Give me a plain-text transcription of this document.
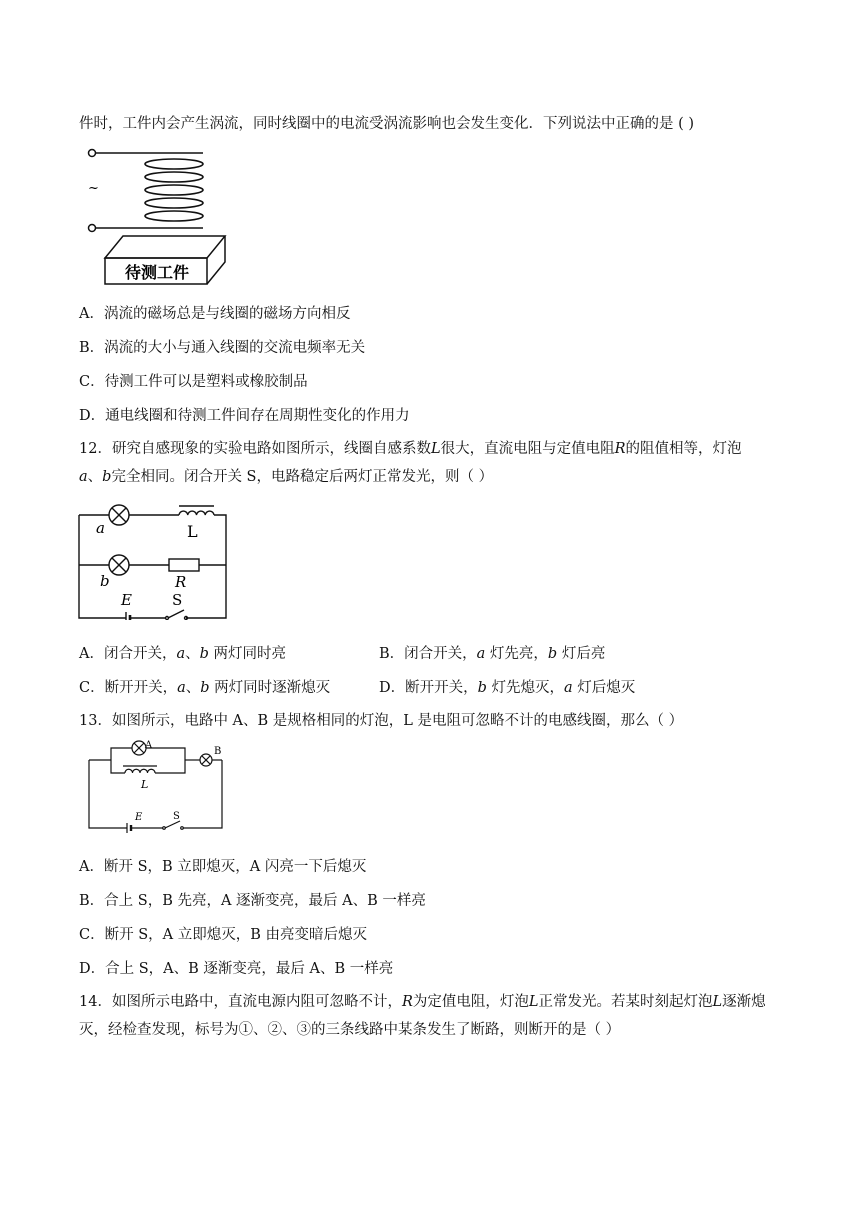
件时，工件内会产生涡流，同时线圈中的电流受涡流影响也会发生变化．下列说法中正确的是 ( )
~
待测工件
A．涡流的磁场总是与线圈的磁场方向相反
B．涡流的大小与通入线圈的交流电频率无关
C．待测工件可以是塑料或橡胶制品
D．通电线圈和待测工件间存在周期性变化的作用力
12．研究自感现象的实验电路如图所示，线圈自感系数L很大，直流电阻与定值电阻R的阻值相等，灯泡
a、b完全相同。闭合开关 S，电路稳定后两灯正常发光，则（ ）
a	L
b	R
E	S
A．闭合开关，a、b 两灯同时亮	B．闭合开关，a 灯先亮，b 灯后亮
C．断开开关，a、b 两灯同时逐渐熄灭	D．断开开关，b 灯先熄灭，a 灯后熄灭
13．如图所示，电路中 A、B 是规格相同的灯泡，L 是电阻可忽略不计的电感线圈，那么（ ）
A
B
L
E	S
A．断开 S，B 立即熄灭，A 闪亮一下后熄灭
B．合上 S，B 先亮，A 逐渐变亮，最后 A、B 一样亮
C．断开 S，A 立即熄灭，B 由亮变暗后熄灭
D．合上 S，A、B 逐渐变亮，最后 A、B 一样亮
14．如图所示电路中，直流电源内阻可忽略不计，R为定值电阻，灯泡L正常发光。若某时刻起灯泡L逐渐熄灭，经检查发现，标号为①、②、③的三条线路中某条发生了断路，则断开的是（ ）
